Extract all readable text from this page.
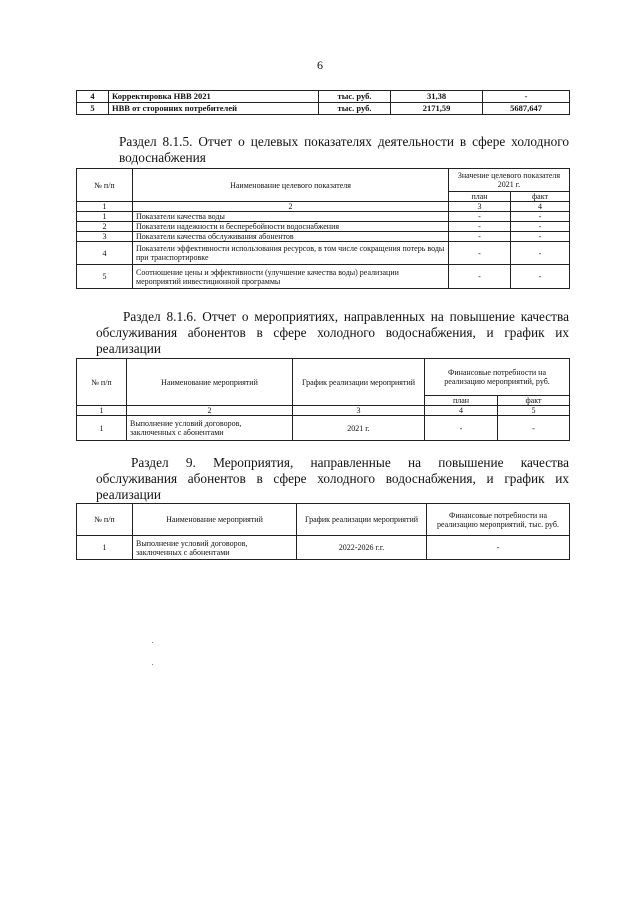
6
4	Корректировка НВВ 2021	тыс. руб.	31,38	-
5	НВВ от сторонних потребителей	тыс. руб.	2171,59	5687,647
Раздел 8.1.5. Отчет о целевых показателях деятельности в сфере холодного водоснабжения
№ п/п	Наименование целевого показателя	Значение целевого показателя 2021 г.	
		план	факт
1	2	3	4
1	Показатели качества воды	-	-
2	Показатели надежности и бесперебойности водоснабжения	-	-
3	Показатели качества обслуживания абонентов	-	-
4	Показатели эффективности использования ресурсов, в том числе сокращения потерь воды при транспортировке	-	-
5	Соотношение цены и эффективности (улучшение качества воды) реализации мероприятий инвестиционной программы	-	-
Раздел 8.1.6. Отчет о мероприятиях, направленных на повышение качества обслуживания абонентов в сфере холодного водоснабжения, и график их реализации
№ п/п	Наименование мероприятий	График реализации мероприятий	Финансовые потребности на реализацию мероприятий, руб.	
			план	факт
1	2	3	4	5
1	Выполнение условий договоров, заключенных с абонентами	2021 г.	-	-
Раздел 9. Мероприятия, направленные на повышение качества обслуживания абонентов в сфере холодного водоснабжения, и график их реализации
№ п/п	Наименование мероприятий	График реализации мероприятий	Финансовые потребности на реализацию мероприятий, тыс. руб.
1	Выполнение условий договоров, заключенных с абонентами	2022-2026 г.г.	-
